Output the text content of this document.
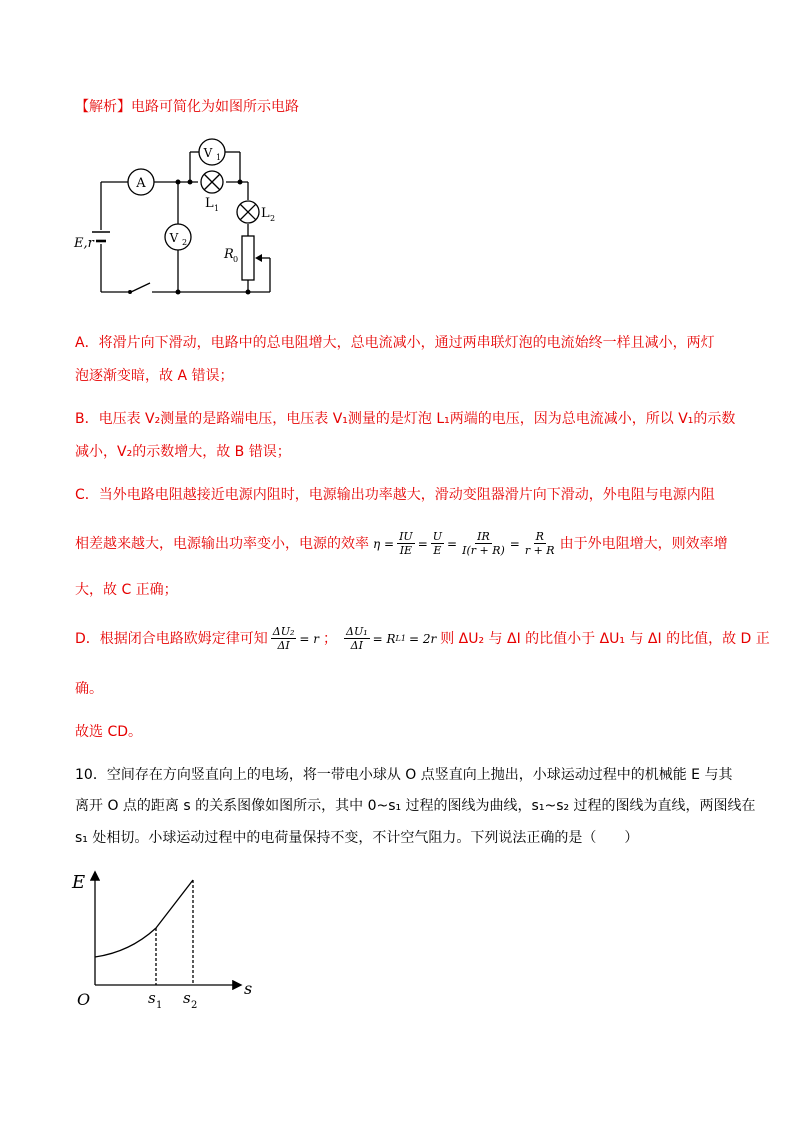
【解析】电路可简化为如图所示电路
A
V 1
V 2
L 1	L 2
R 0
E,r
A．将滑片向下滑动，电路中的总电阻增大，总电流减小，通过两串联灯泡的电流始终一样且减小，两灯
泡逐渐变暗，故 A 错误；
B．电压表 V₂测量的是路端电压，电压表 V₁测量的是灯泡 L₁两端的电压，因为总电流减小，所以 V₁的示数
减小，V₂的示数增大，故 B 错误；
C．当外电路电阻越接近电源内阻时，电源输出功率越大，滑动变阻器滑片向下滑动，外电阻与电源内阻
相差越来越大，电源输出功率变小，电源的效率 $\eta = \frac{IU}{IE} = \frac{U}{E} = \frac{IR}{I(r + R)} = \frac{R}{r + R}$ 由于外电阻增大，则效率增
大，故 C 正确；
D．根据闭合电路欧姆定律可知 $\frac{\text{ΔU₂}}{\Delta I} = r$ ； $\frac{\text{ΔU₁}}{\Delta I} = R$ L1 = 2r 则 ΔU₂ 与 ΔI 的比值小于 ΔU₁ 与 ΔI 的比值，故 D 正
确。
故选 CD。
10．空间存在方向竖直向上的电场，将一带电小球从 O 点竖直向上抛出，小球运动过程中的机械能 E 与其
离开 O 点的距离 s 的关系图像如图所示，其中 0~s₁ 过程的图线为曲线，s₁~s₂ 过程的图线为直线，两图线在
s₁ 处相切。小球运动过程中的电荷量保持不变，不计空气阻力。下列说法正确的是（　　）
E
s
O	s 1 s 2
